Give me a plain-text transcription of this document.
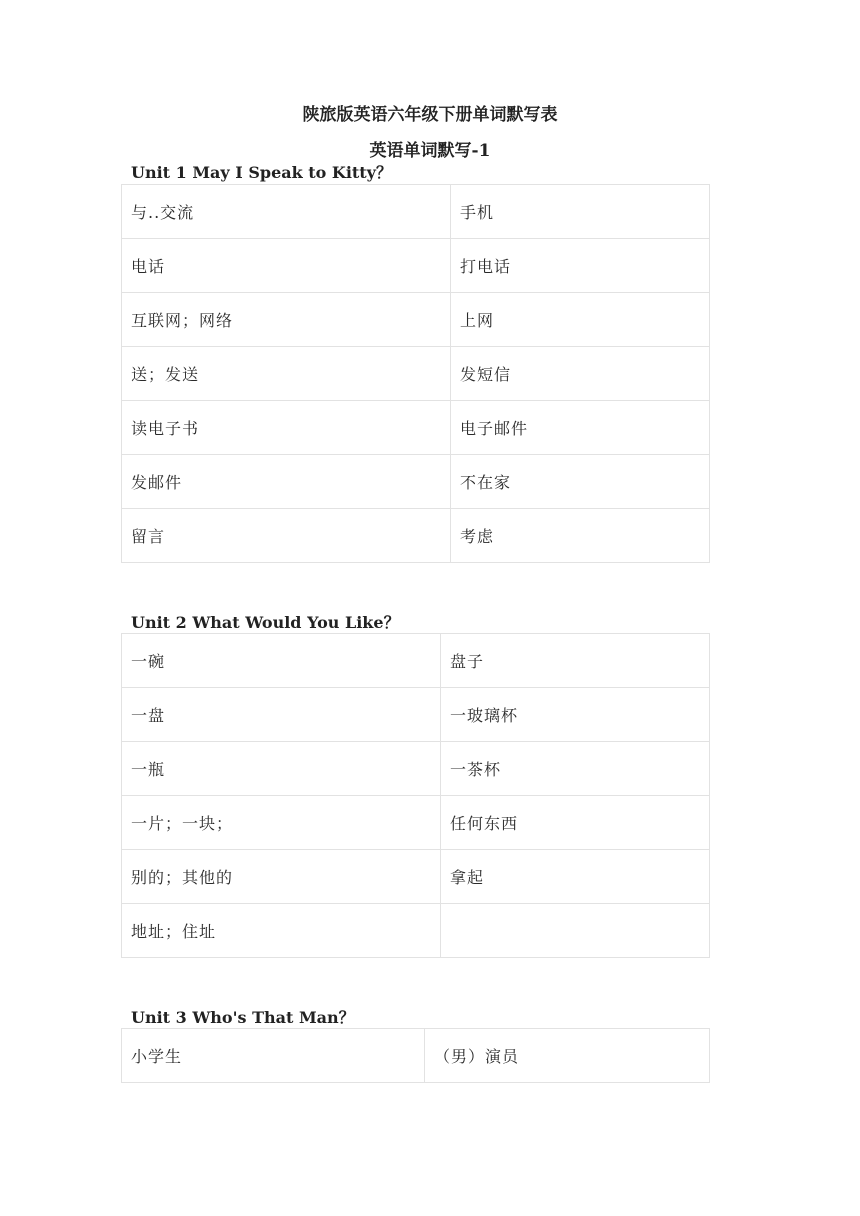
陕旅版英语六年级下册单词默写表
英语单词默写-1
Unit 1 May I Speak to Kitty？
与..交流	手机
电话	打电话
互联网；网络	上网
送；发送	发短信
读电子书	电子邮件
发邮件	不在家
留言	考虑
Unit 2 What Would You Like？
一碗	盘子
一盘	一玻璃杯
一瓶	一茶杯
一片；一块；	任何东西
别的；其他的	拿起
地址；住址	
Unit 3 Who's That Man？
小学生	（男）演员
